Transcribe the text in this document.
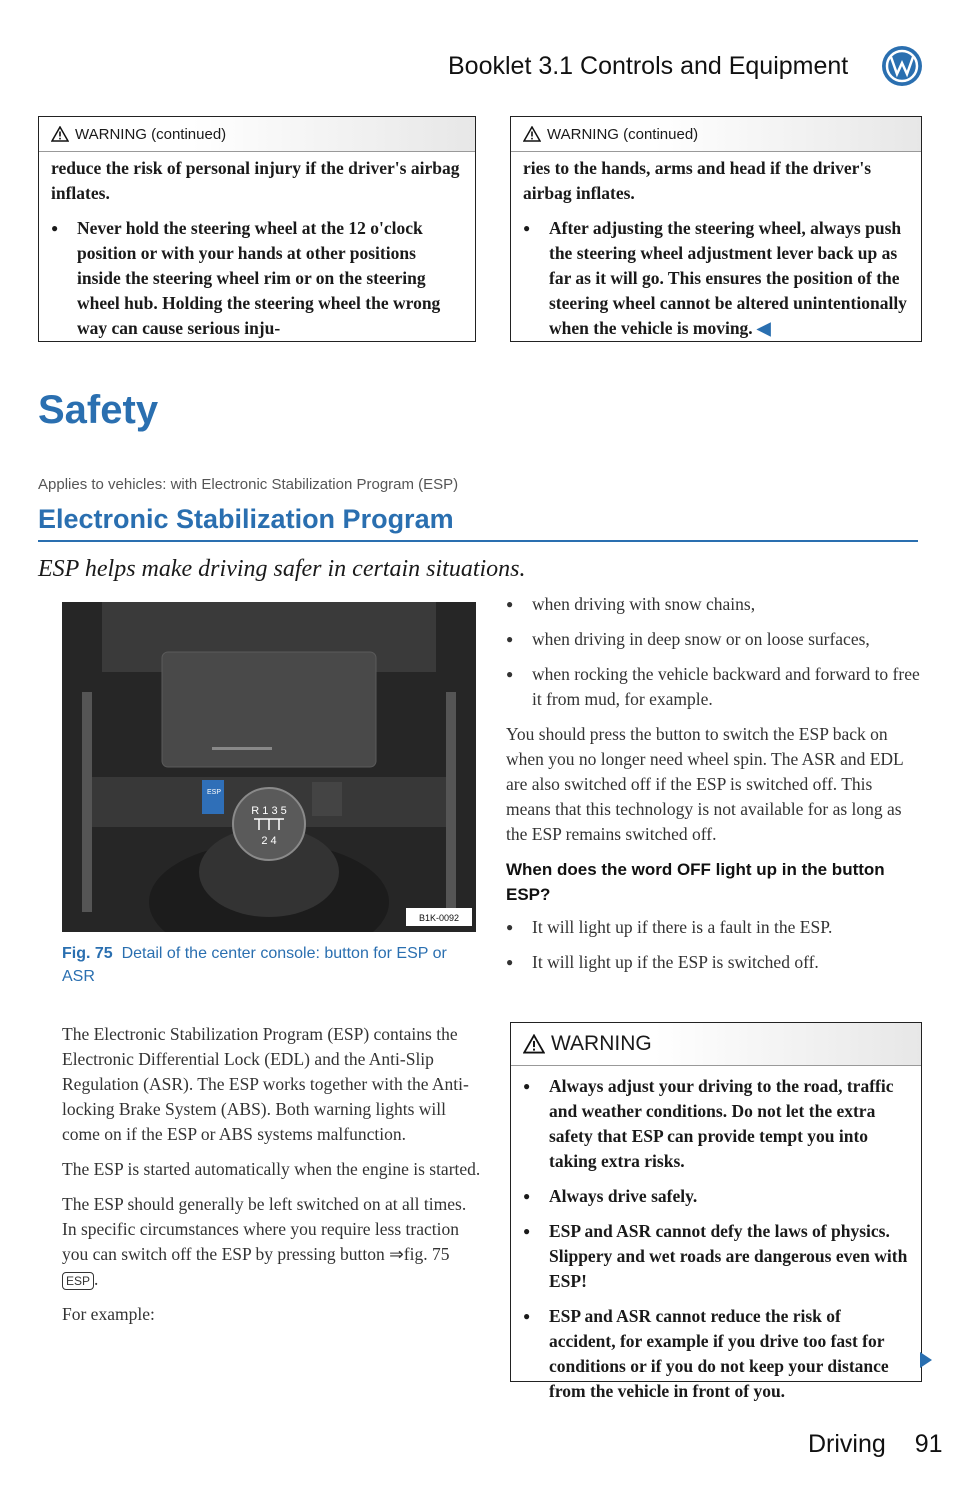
Booklet 3.1 Controls and Equipment
WARNING (continued)

reduce the risk of personal injury if the driver's airbag inflates.

● Never hold the steering wheel at the 12 o'clock position or with your hands at other positions inside the steering wheel rim or on the steering wheel hub. Holding the steering wheel the wrong way can cause serious inju-

WARNING (continued)

ries to the hands, arms and head if the driver's airbag inflates.

● After adjusting the steering wheel, always push the steering wheel adjustment lever back up as far as it will go. This ensures the position of the steering wheel cannot be altered unintentionally when the vehicle is moving. ◀

Safety
Applies to vehicles: with Electronic Stabilization Program (ESP)
Electronic Stabilization Program
ESP helps make driving safer in certain situations.
ESP
R 1 3 5
2 4
B1K-0092
Fig. 75 Detail of the center console: button for ESP or ASR

The Electronic Stabilization Program (ESP) contains the Electronic Differential Lock (EDL) and the Anti-Slip Regulation (ASR). The ESP works together with the Anti-locking Brake System (ABS). Both warning lights will come on if the ESP or ABS systems malfunction.

The ESP is started automatically when the engine is started.

The ESP should generally be left switched on at all times. In specific circumstances where you require less traction you can switch off the ESP by pressing button ⇒fig. 75 ESP .

For example:

● when driving with snow chains,

● when driving in deep snow or on loose surfaces,

● when rocking the vehicle backward and forward to free it from mud, for example.

You should press the button to switch the ESP back on when you no longer need wheel spin. The ASR and EDL are also switched off if the ESP is switched off. This means that this technology is not available for as long as the ESP remains switched off.

When does the word OFF light up in the button ESP?

● It will light up if there is a fault in the ESP.

● It will light up if the ESP is switched off.

WARNING

● Always adjust your driving to the road, traffic and weather conditions. Do not let the extra safety that ESP can provide tempt you into taking extra risks.

● Always drive safely.

● ESP and ASR cannot defy the laws of physics. Slippery and wet roads are dangerous even with ESP!

● ESP and ASR cannot reduce the risk of accident, for example if you drive too fast for conditions or if you do not keep your distance from the vehicle in front of you.

Driving 91
